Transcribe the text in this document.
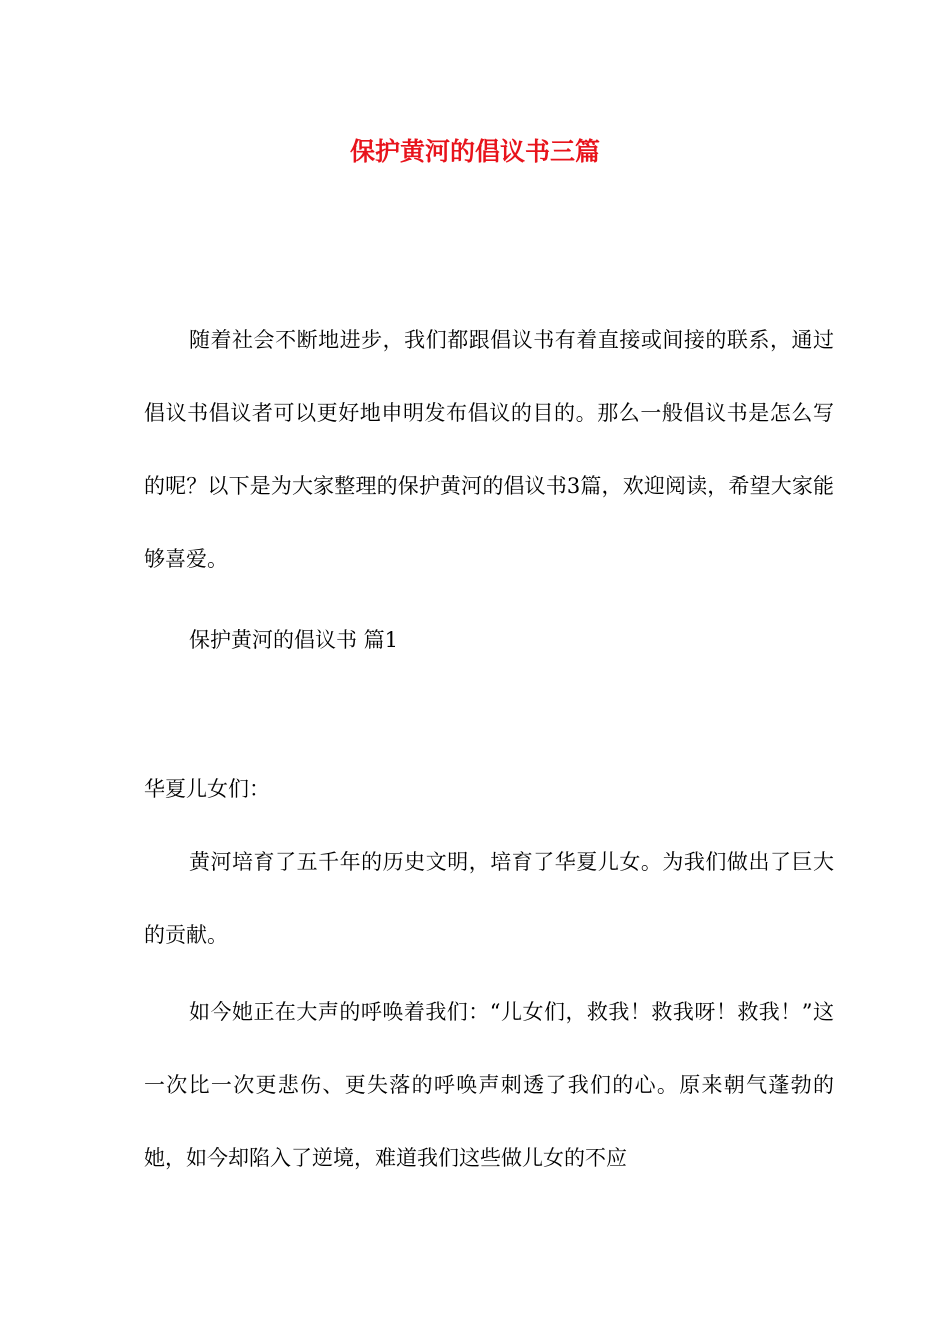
保护黄河的倡议书三篇

随着社会不断地进步，我们都跟倡议书有着直接或间接的联系，通过倡议书倡议者可以更好地申明发布倡议的目的。那么一般倡议书是怎么写的呢？以下是为大家整理的保护黄河的倡议书3篇，欢迎阅读，希望大家能够喜爱。

保护黄河的倡议书 篇1

华夏儿女们：

黄河培育了五千年的历史文明，培育了华夏儿女。为我们做出了巨大的贡献。

如今她正在大声的呼唤着我们：“儿女们，救我！救我呀！救我！”这一次比一次更悲伤、更失落的呼唤声刺透了我们的心。原来朝气蓬勃的她，如今却陷入了逆境，难道我们这些做儿女的不应
